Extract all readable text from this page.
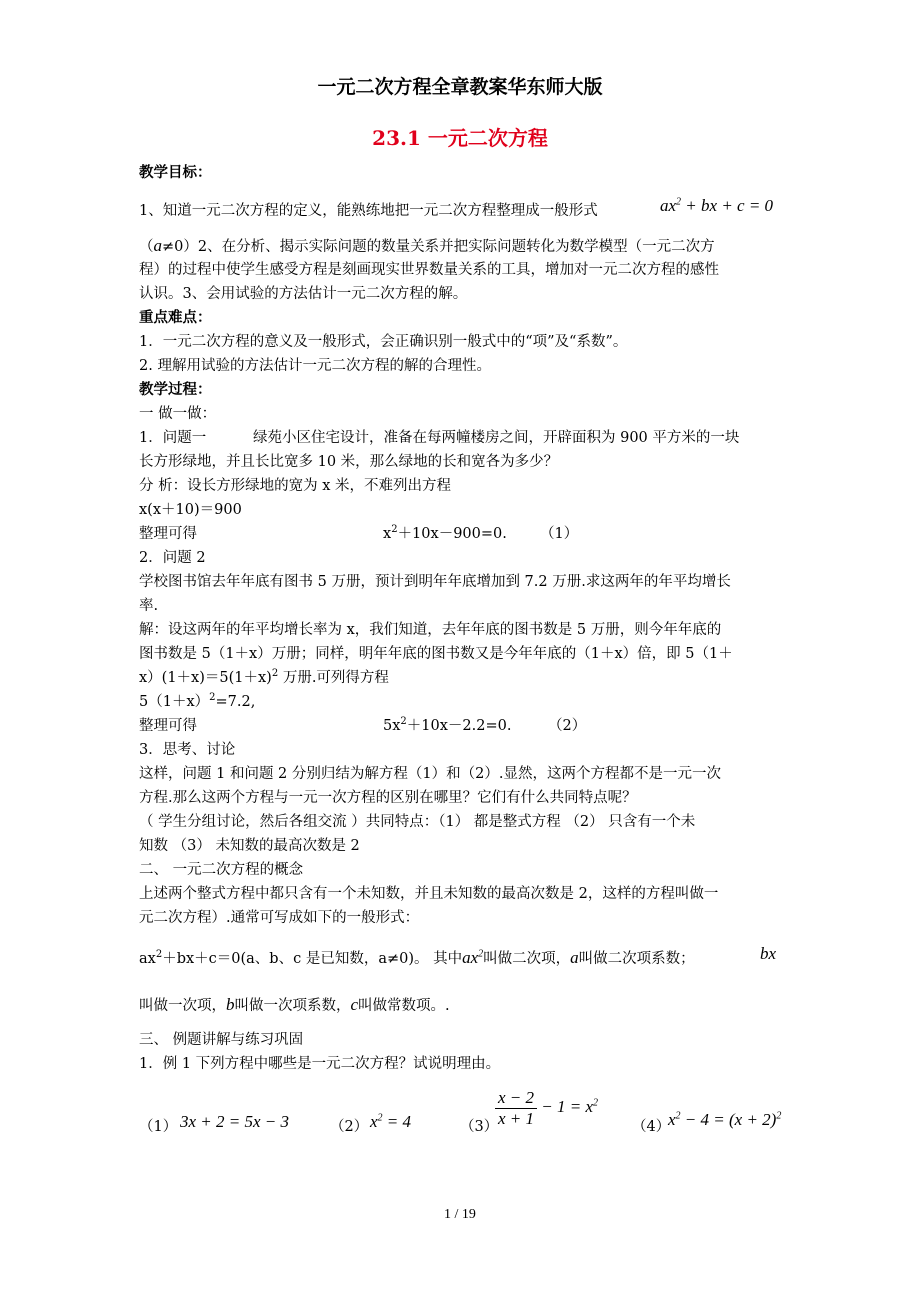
一元二次方程全章教案华东师大版
23.1 一元二次方程
教学目标：
1、知道一元二次方程的定义，能熟练地把一元二次方程整理成一般形式	$ax^2$ + bx + c = 0
（a≠0）2、在分析、揭示实际问题的数量关系并把实际问题转化为数学模型（一元二次方
程）的过程中使学生感受方程是刻画现实世界数量关系的工具，增加对一元二次方程的感性
认识。3、会用试验的方法估计一元二次方程的解。
重点难点：
1．一元二次方程的意义及一般形式，会正确识别一般式中的“项”及“系数”。
2. 理解用试验的方法估计一元二次方程的解的合理性。
教学过程：
一 做一做：
1．问题一	绿苑小区住宅设计，准备在每两幢楼房之间，开辟面积为 900 平方米的一块
长方形绿地，并且长比宽多 10 米，那么绿地的长和宽各为多少？
分 析：设长方形绿地的宽为 x 米，不难列出方程
x(x＋10)＝900
整理可得	$x^2+10x-900=0$. （1）
2．问题 2
学校图书馆去年年底有图书 5 万册，预计到明年年底增加到 7.2 万册.求这两年的年平均增长
率.
解：设这两年的年平均增长率为 x，我们知道，去年年底的图书数是 5 万册，则今年年底的
图书数是 5（1＋x）万册；同样，明年年底的图书数又是今年年底的（1＋x）倍，即 5（1＋
$x)(1+x)=5(1+x)^2$ 万册.可列得方程
$5(1+x)^2=7.2$,
整理可得	$5x^2+10x-2.2=0$.	（2）
3．思考、讨论
这样，问题 1 和问题 2 分别归结为解方程（1）和（2）.显然，这两个方程都不是一元一次
方程.那么这两个方程与一元一次方程的区别在哪里？它们有什么共同特点呢？
（ 学生分组讨论，然后各组交流 ）共同特点：（1） 都是整式方程 （2） 只含有一个未
知数 （3） 未知数的最高次数是 2
二、 一元二次方程的概念
上述两个整式方程中都只含有一个未知数，并且未知数的最高次数是 2，这样的方程叫做一
元二次方程）.通常可写成如下的一般形式：
$ax^2+bx+c=0(a$、b、c 是已知数，a≠0)。 其中$ax^2$叫做二次项，a叫做二次项系数；	bx
叫做一次项，b叫做一次项系数，c叫做常数项。.
三、 例题讲解与练习巩固
1．例 1 下列方程中哪些是一元二次方程？试说明理由。
（1） 3x + 2 = 5x − 3	（2） $x^2 = 4$	（3）
$\frac{x - 2}{x + 1} - 1 = x^2$
（4）
$x^2 - 4 = (x + 2)^2$
1 / 19
